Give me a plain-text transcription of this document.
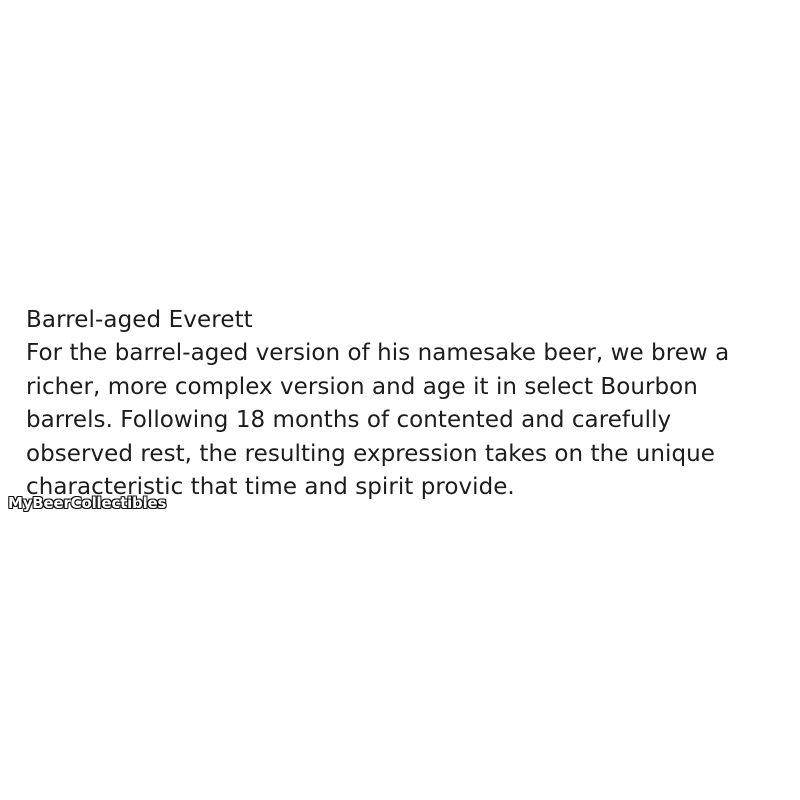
Barrel-aged Everett
For the barrel-aged version of his namesake beer, we brew a richer, more complex version and age it in select Bourbon barrels. Following 18 months of contented and carefully observed rest, the resulting expression takes on the unique characteristic that time and spirit provide.
MyBeerCollectibles
